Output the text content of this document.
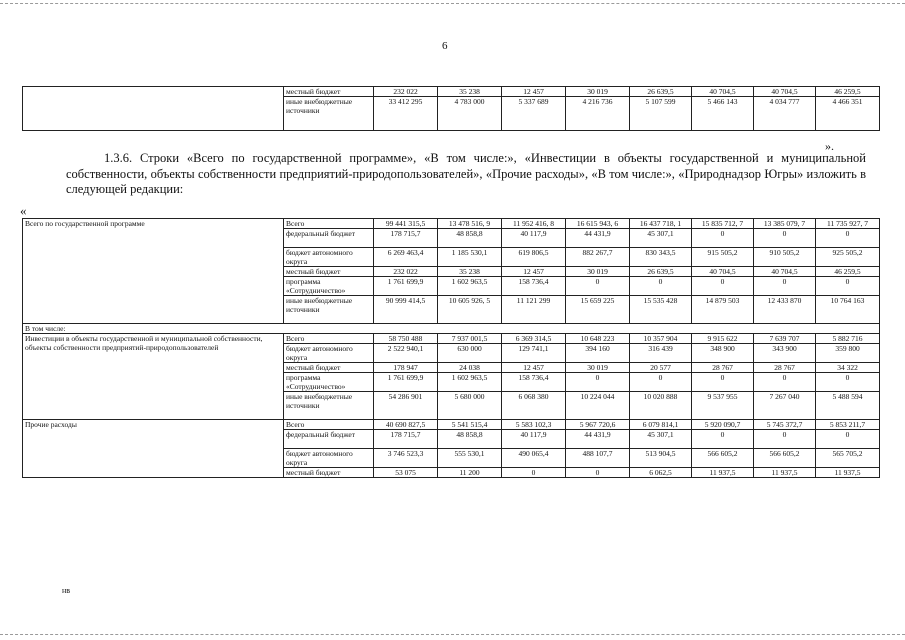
6
	местный бюджет	232 022	35 238	12 457	30 019	26 639,5	40 704,5	40 704,5	46 259,5
	иные внебюджетные источники	33 412 295	4 783 000	5 337 689	4 216 736	5 107 599	5 466 143	4 034 777	4 466 351
».

1.3.6. Строки «Всего по государственной программе», «В том числе:», «Инвестиции в объекты государственной и муниципальной собственности, объекты собственности предприятий-природопользователей», «Прочие расходы», «В том числе:», «Природнадзор Югры» изложить в следующей редакции:

«
Всего по государственной программе	Всего	99 441 315,5	13 478 516, 9	11 952 416, 8	16 615 943, 6	16 437 718, 1	15 835 712, 7	13 385 079, 7	11 735 927, 7
	федеральный бюджет	178 715,7	48 858,8	40 117,9	44 431,9	45 307,1	0	0	0
	бюджет автономного округа	6 269 463,4	1 185 530,1	619 806,5	882 267,7	830 343,5	915 505,2	910 505,2	925 505,2
	местный бюджет	232 022	35 238	12 457	30 019	26 639,5	40 704,5	40 704,5	46 259,5
	программа «Сотрудничество»	1 761 699,9	1 602 963,5	158 736,4	0	0	0	0	0
	иные внебюджетные источники	90 999 414,5	10 605 926, 5	11 121 299	15 659 225	15 535 428	14 879 503	12 433 870	10 764 163
В том числе:									
Инвестиции в объекты государственной и муниципальной собственности, объекты собственности предприятий-природопользователей	Всего	58 750 488	7 937 001,5	6 369 314,5	10 648 223	10 357 904	9 915 622	7 639 707	5 882 716
	бюджет автономного округа	2 522 940,1	630 000	129 741,1	394 160	316 439	348 900	343 900	359 800
	местный бюджет	178 947	24 038	12 457	30 019	20 577	28 767	28 767	34 322
	программа «Сотрудничество»	1 761 699,9	1 602 963,5	158 736,4	0	0	0	0	0
	иные внебюджетные источники	54 286 901	5 680 000	6 068 380	10 224 044	10 020 888	9 537 955	7 267 040	5 488 594
Прочие расходы	Всего	40 690 827,5	5 541 515,4	5 583 102,3	5 967 720,6	6 079 814,1	5 920 090,7	5 745 372,7	5 853 211,7
	федеральный бюджет	178 715,7	48 858,8	40 117,9	44 431,9	45 307,1	0	0	0
	бюджет автономного округа	3 746 523,3	555 530,1	490 065,4	488 107,7	513 904,5	566 605,2	566 605,2	565 705,2
	местный бюджет	53 075	11 200	0	0	6 062,5	11 937,5	11 937,5	11 937,5
нв
